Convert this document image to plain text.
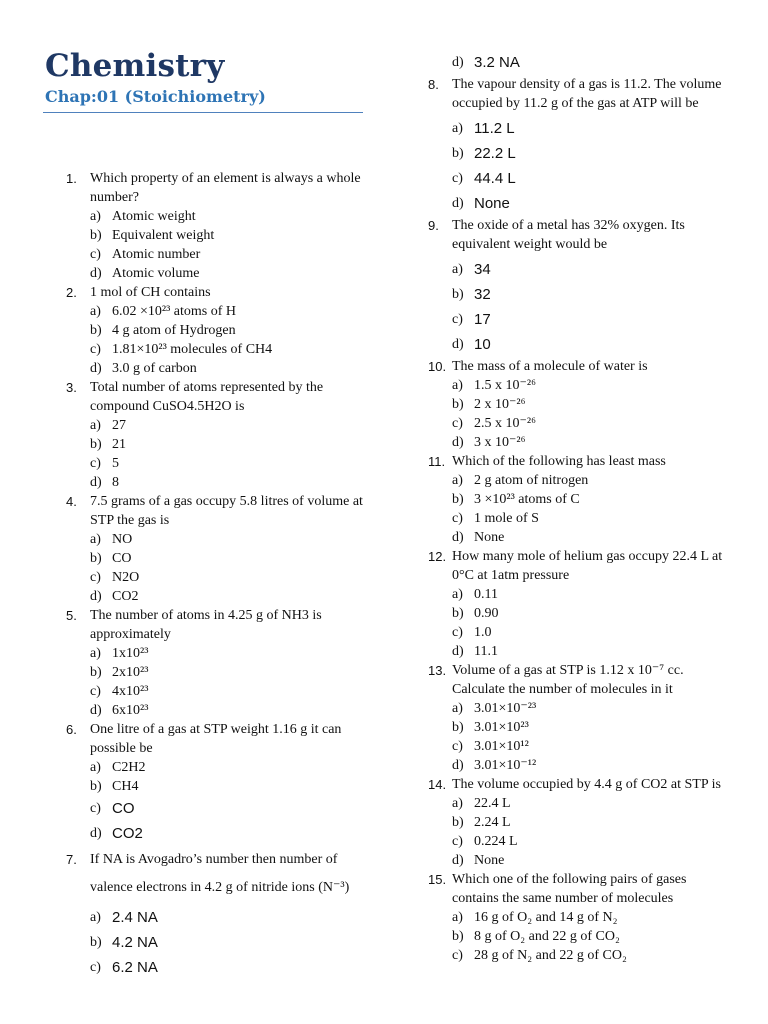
Chemistry
Chap:01 (Stoichiometry)
1. Which property of an element is always a whole number?
a) Atomic weight
b) Equivalent weight
c) Atomic number
d) Atomic volume
2. 1 mol of CH contains
a) 6.02 ×10²³ atoms of H
b) 4 g atom of Hydrogen
c) 1.81×10²³ molecules of CH4
d) 3.0 g of carbon
3. Total number of atoms represented by the compound CuSO4.5H2O is
a) 27
b) 21
c) 5
d) 8
4. 7.5 grams of a gas occupy 5.8 litres of volume at STP the gas is
a) NO
b) CO
c) N2O
d) CO2
5. The number of atoms in 4.25 g of NH3 is approximately
a) 1x10²³
b) 2x10²³
c) 4x10²³
d) 6x10²³
6. One litre of a gas at STP weight 1.16 g it can possible be
a) C2H2
b) CH4
c) CO
d) CO2
7. If NA is Avogadro’s number then number of valence electrons in 4.2 g of nitride ions (N⁻³)
a) 2.4 NA
b) 4.2 NA
c) 6.2 NA
d) 3.2 NA
8. The vapour density of a gas is 11.2. The volume occupied by 11.2 g of the gas at ATP will be
a) 11.2 L
b) 22.2 L
c) 44.4 L
d) None
9. The oxide of a metal has 32% oxygen. Its equivalent weight would be
a) 34
b) 32
c) 17
d) 10
10. The mass of a molecule of water is
a) 1.5 x 10⁻²⁶
b) 2 x 10⁻²⁶
c) 2.5 x 10⁻²⁶
d) 3 x 10⁻²⁶
11. Which of the following has least mass
a) 2 g atom of nitrogen
b) 3 ×10²³ atoms of C
c) 1 mole of S
d) None
12. How many mole of helium gas occupy 22.4 L at 0°C at 1atm pressure
a) 0.11
b) 0.90
c) 1.0
d) 11.1
13. Volume of a gas at STP is 1.12 x 10⁻⁷ cc. Calculate the number of molecules in it
a) 3.01×10⁻²³
b) 3.01×10²³
c) 3.01×10¹²
d) 3.01×10⁻¹²
14. The volume occupied by 4.4 g of CO2 at STP is
a) 22.4 L
b) 2.24 L
c) 0.224 L
d) None
15. Which one of the following pairs of gases contains the same number of molecules
a) 16 g of O₂ and 14 g of N₂
b) 8 g of O₂ and 22 g of CO₂
c) 28 g of N₂ and 22 g of CO₂
